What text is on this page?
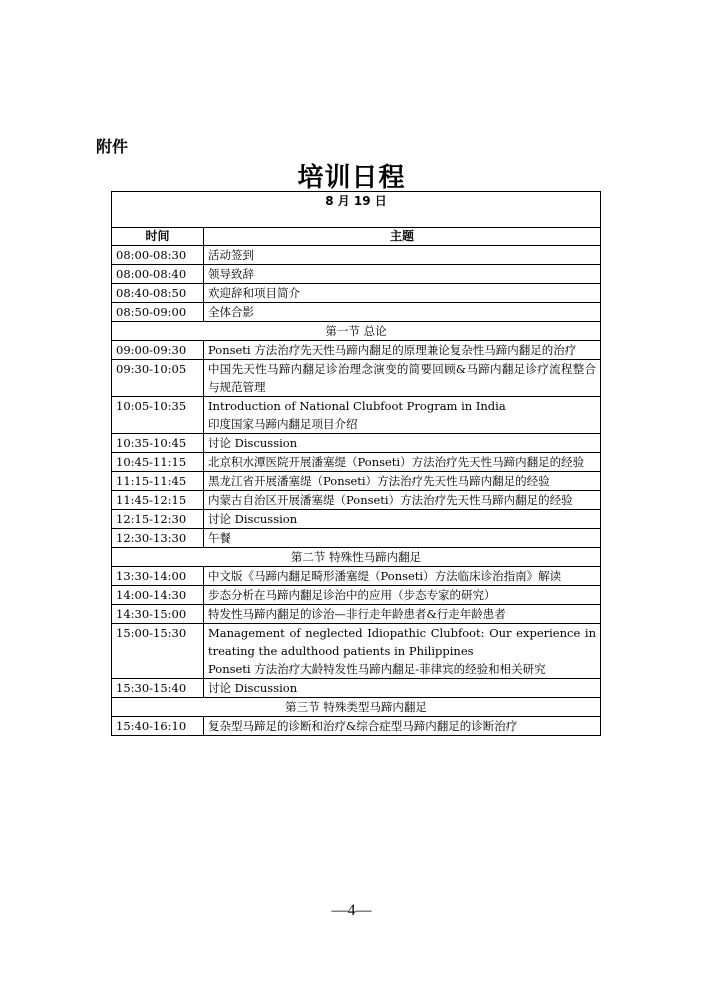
附件
培训日程
8 月 19 日	
时间	主题
08:00-08:30	活动签到

08:00-08:40	领导致辞

08:40-08:50	欢迎辞和项目简介

08:50-09:00	全体合影

第一节 总论	
09:00-09:30	Ponseti 方法治疗先天性马蹄内翻足的原理兼论复杂性马蹄内翻足的治疗

09:30-10:05	中国先天性马蹄内翻足诊治理念演变的简要回顾&马蹄内翻足诊疗流程整合与规范管理

10:05-10:35	Introduction of National Clubfoot Program in India
印度国家马蹄内翻足项目介绍

10:35-10:45	讨论 Discussion

10:45-11:15	北京积水潭医院开展潘塞缇（Ponseti）方法治疗先天性马蹄内翻足的经验

11:15-11:45	黑龙江省开展潘塞缇（Ponseti）方法治疗先天性马蹄内翻足的经验

11:45-12:15	内蒙古自治区开展潘塞缇（Ponseti）方法治疗先天性马蹄内翻足的经验

12:15-12:30	讨论 Discussion

12:30-13:30	午餐

第二节 特殊性马蹄内翻足	
13:30-14:00	中文版《马蹄内翻足畸形潘塞缇（Ponseti）方法临床诊治指南》解读

14:00-14:30	步态分析在马蹄内翻足诊治中的应用（步态专家的研究）

14:30-15:00	特发性马蹄内翻足的诊治—非行走年龄患者&行走年龄患者

15:00-15:30	Management of neglected Idiopathic Clubfoot: Our experience in treating the adulthood patients in Philippines
Ponseti 方法治疗大龄特发性马蹄内翻足-菲律宾的经验和相关研究

15:30-15:40	讨论 Discussion

第三节 特殊类型马蹄内翻足	
15:40-16:10	复杂型马蹄足的诊断和治疗&综合症型马蹄内翻足的诊断治疗
—4—
